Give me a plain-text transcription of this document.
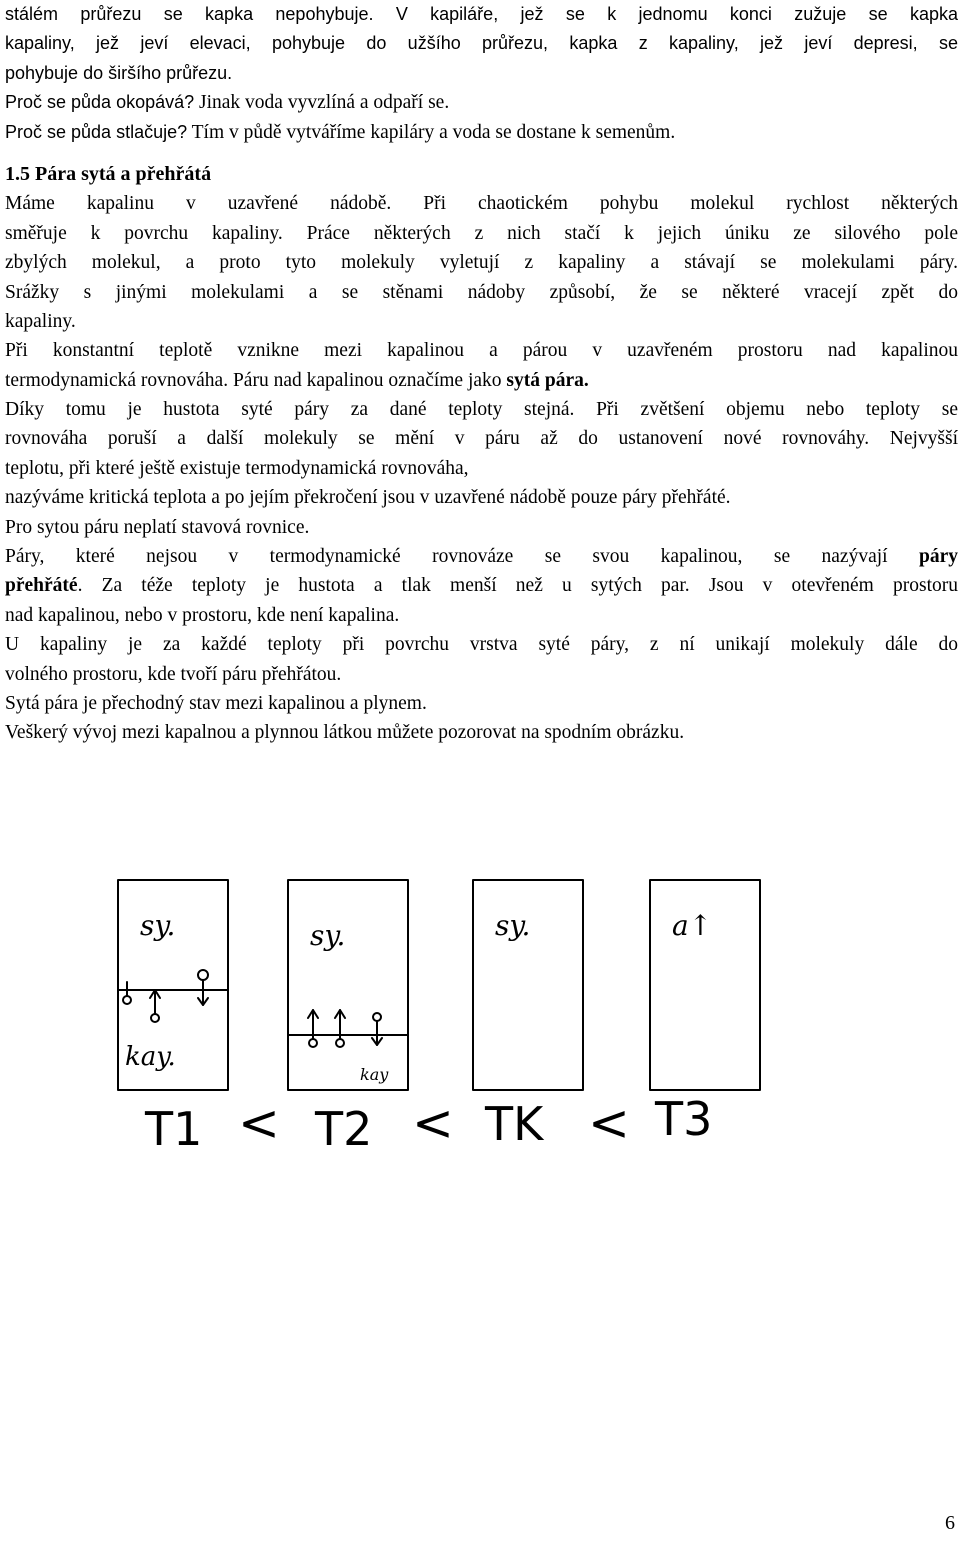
stálém průřezu se kapka nepohybuje. V kapiláře, jež se k jednomu konci zužuje se kapka
kapaliny, jež jeví elevaci, pohybuje do užšího průřezu, kapka z kapaliny, jež jeví depresi, se
pohybuje do širšího průřezu.
Proč se půda okopává? Jinak voda vyvzlíná a odpaří se.
Proč se půda stlačuje? Tím v půdě vytváříme kapiláry a voda se dostane k semenům.
1.5 Pára sytá a přehřátá
Máme kapalinu v uzavřené nádobě. Při chaotickém pohybu molekul rychlost některých
směřuje k povrchu kapaliny. Práce některých z nich stačí k jejich úniku ze silového pole
zbylých molekul, a proto tyto molekuly vyletují z kapaliny a stávají se molekulami páry.
Srážky s jinými molekulami a se stěnami nádoby způsobí, že se některé vracejí zpět do
kapaliny.
Při konstantní teplotě vznikne mezi kapalinou a párou v uzavřeném prostoru nad kapalinou
termodynamická rovnováha. Páru nad kapalinou označíme jako sytá pára.
Díky tomu je hustota syté páry za dané teploty stejná. Při zvětšení objemu nebo teploty se
rovnováha poruší a další molekuly se mění v páru až do ustanovení nové rovnováhy. Nejvyšší
teplotu, při které ještě existuje termodynamická rovnováha,
nazýváme kritická teplota a po jejím překročení jsou v uzavřené nádobě pouze páry přehřáté.
Pro sytou páru neplatí stavová rovnice.
Páry, které nejsou v termodynamické rovnováze se svou kapalinou, se nazývají páry
přehřáté. Za téže teploty je hustota a tlak menší než u sytých par. Jsou v otevřeném prostoru
nad kapalinou, nebo v prostoru, kde není kapalina.
U kapaliny je za každé teploty při povrchu vrstva syté páry, z ní unikají molekuly dále do
volného prostoru, kde tvoří páru přehřátou.
Sytá pára je přechodný stav mezi kapalinou a plynem.
Veškerý vývoj mezi kapalnou a plynnou látkou můžete pozorovat na spodním obrázku.
sy.	sy.	sy.	a↑
kay.
kay
T1 < T2 < TK < T3
6
